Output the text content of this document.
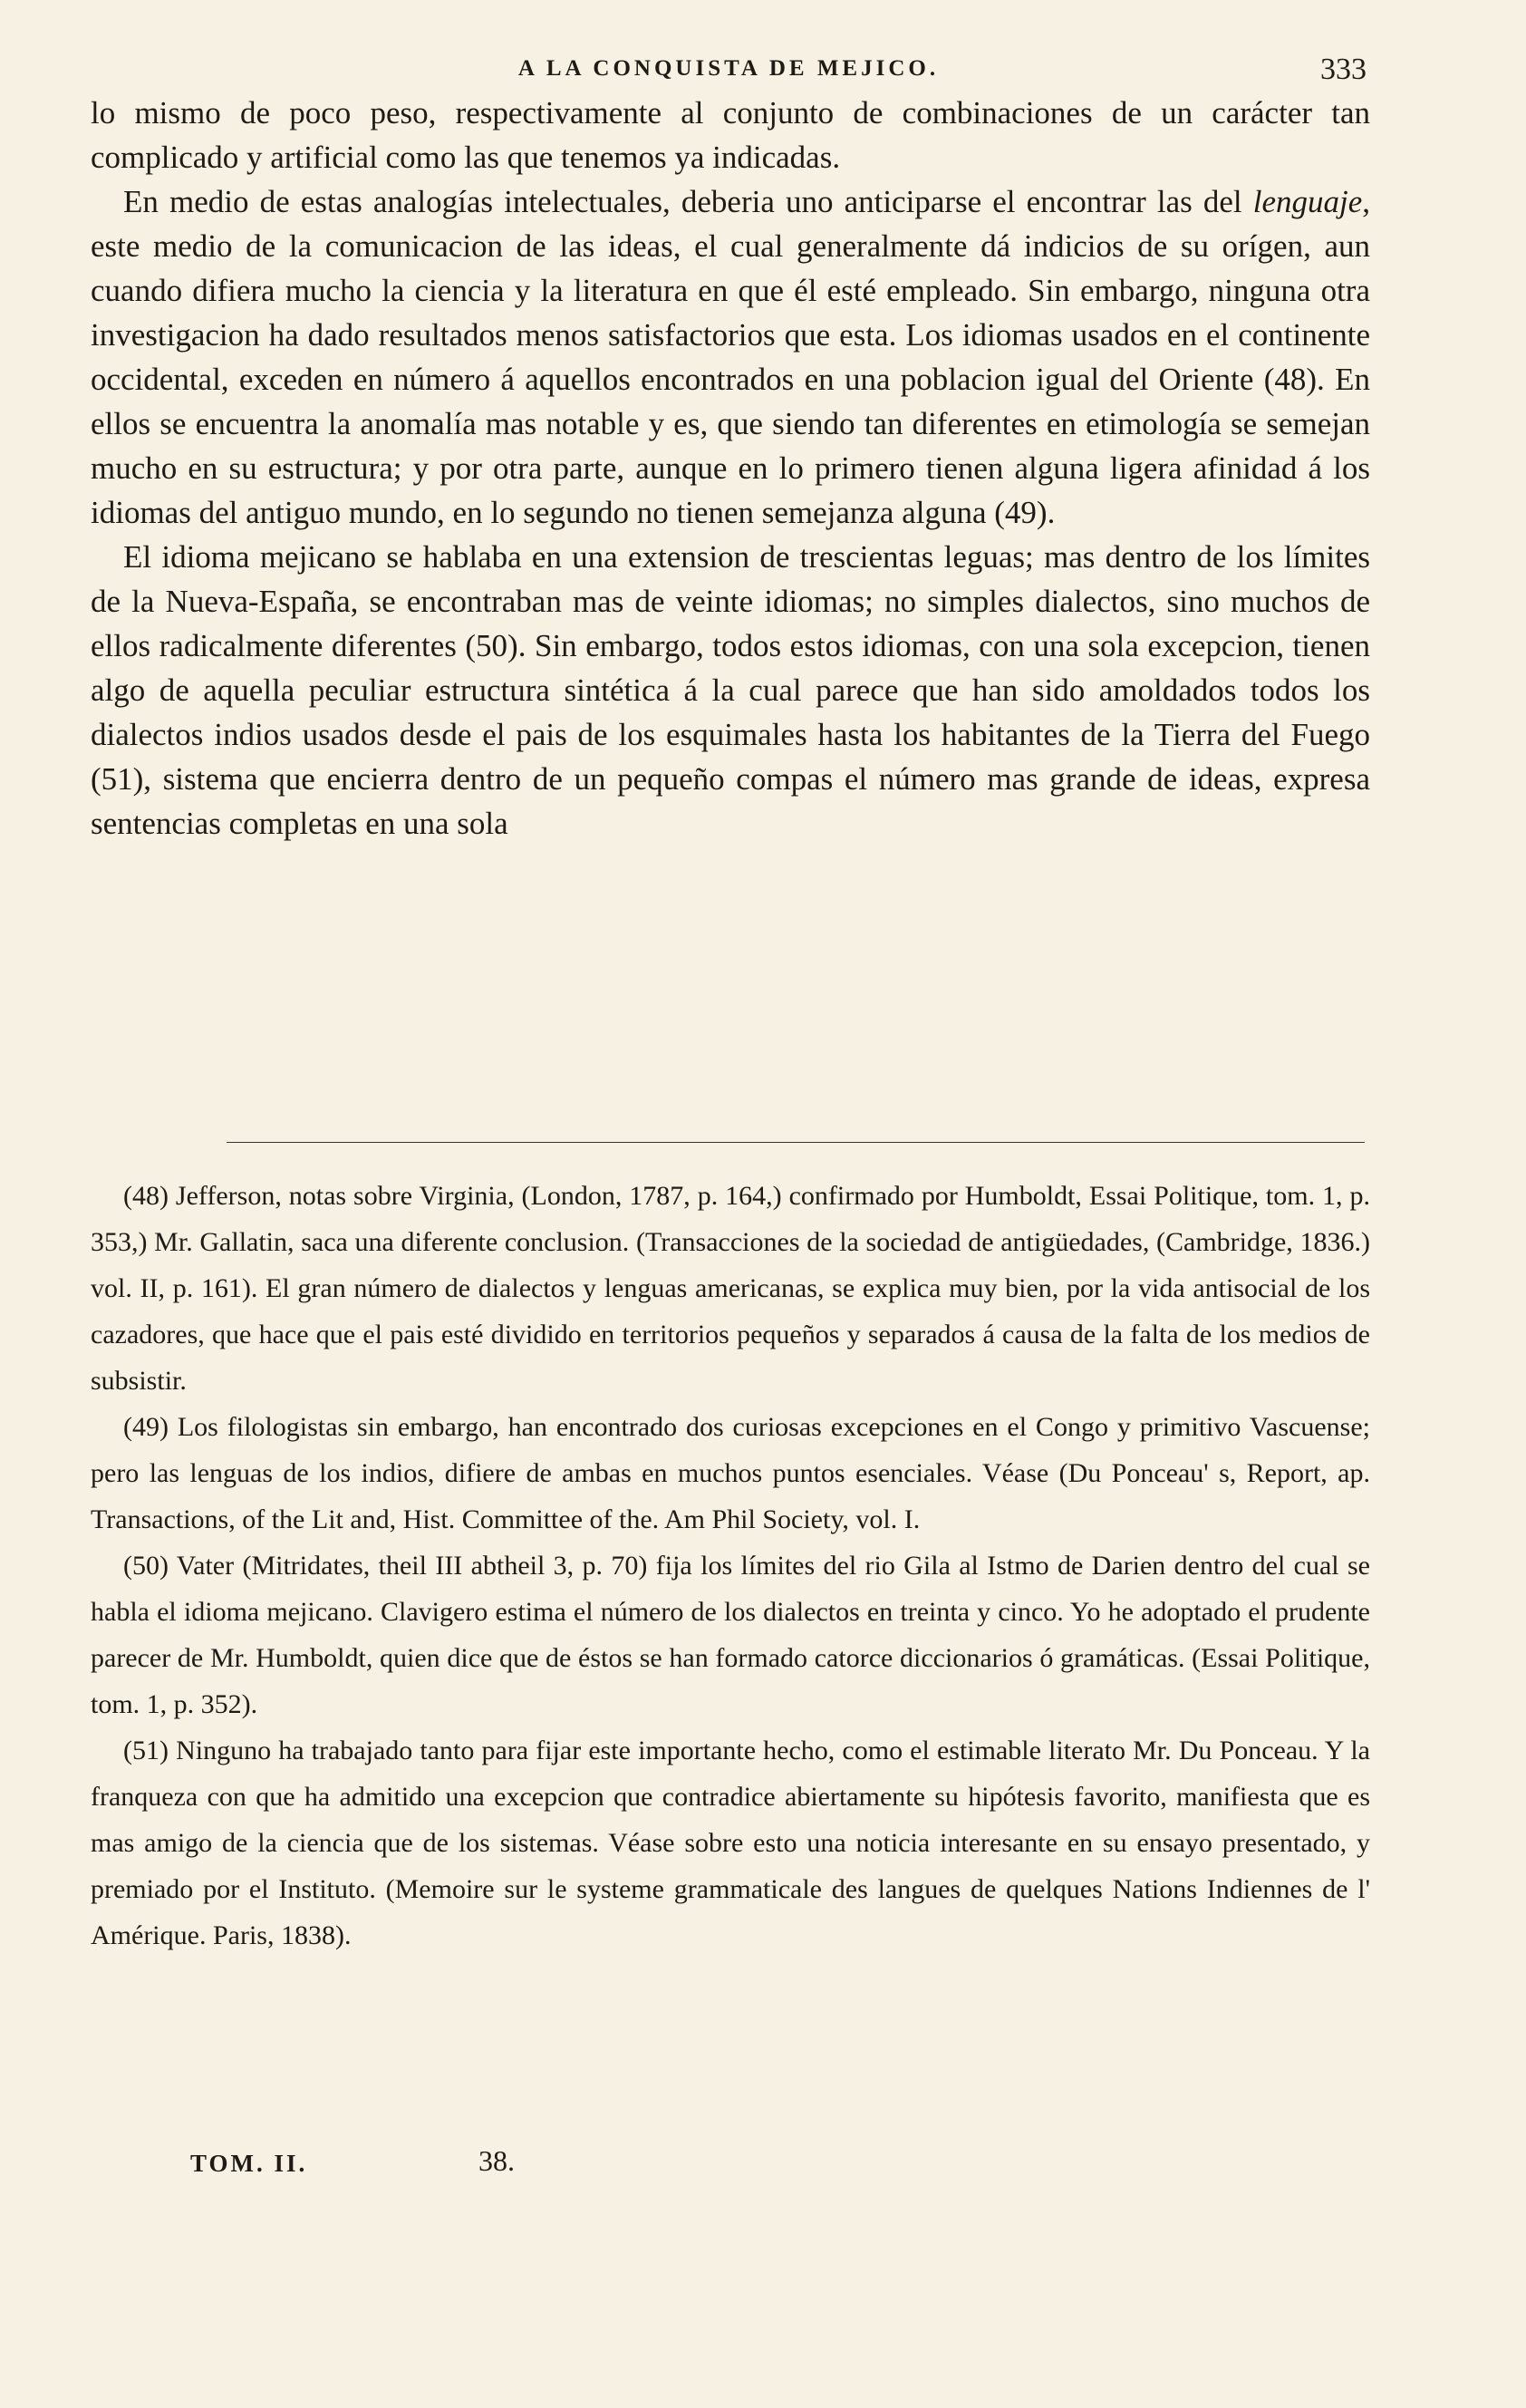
A LA CONQUISTA DE MEJICO.	333

lo mismo de poco peso, respectivamente al conjunto de combinaciones de un carácter tan complicado y artificial como las que tenemos ya indicadas.

En medio de estas analogías intelectuales, deberia uno anticiparse el encontrar las del lenguaje, este medio de la comunicacion de las ideas, el cual generalmente dá indicios de su orígen, aun cuando difiera mucho la ciencia y la literatura en que él esté empleado. Sin embargo, ninguna otra investigacion ha dado resultados menos satisfactorios que esta. Los idiomas usados en el continente occidental, exceden en número á aquellos encontrados en una poblacion igual del Oriente (48). En ellos se encuentra la anomalía mas notable y es, que siendo tan diferentes en etimología se semejan mucho en su estructura; y por otra parte, aunque en lo primero tienen alguna ligera afinidad á los idiomas del antiguo mundo, en lo segundo no tienen semejanza alguna (49).

El idioma mejicano se hablaba en una extension de trescientas leguas; mas dentro de los límites de la Nueva-España, se encontraban mas de veinte idiomas; no simples dialectos, sino muchos de ellos radicalmente diferentes (50). Sin embargo, todos estos idiomas, con una sola excepcion, tienen algo de aquella peculiar estructura sintética á la cual parece que han sido amoldados todos los dialectos indios usados desde el pais de los esquimales hasta los habitantes de la Tierra del Fuego (51), sistema que encierra dentro de un pequeño compas el número mas grande de ideas, expresa sentencias completas en una sola

(48) Jefferson, notas sobre Virginia, (London, 1787, p. 164,) confirmado por Humboldt, Essai Politique, tom. 1, p. 353,) Mr. Gallatin, saca una diferente conclusion. (Transacciones de la sociedad de antigüedades, (Cambridge, 1836.) vol. II, p. 161). El gran número de dialectos y lenguas americanas, se explica muy bien, por la vida antisocial de los cazadores, que hace que el pais esté dividido en territorios pequeños y separados á causa de la falta de los medios de subsistir.

(49) Los filologistas sin embargo, han encontrado dos curiosas excepciones en el Congo y primitivo Vascuense; pero las lenguas de los indios, difiere de ambas en muchos puntos esenciales. Véase (Du Ponceau' s, Report, ap. Transactions, of the Lit and, Hist. Committee of the. Am Phil Society, vol. I.

(50) Vater (Mitridates, theil III abtheil 3, p. 70) fija los límites del rio Gila al Istmo de Darien dentro del cual se habla el idioma mejicano. Clavigero estima el número de los dialectos en treinta y cinco. Yo he adoptado el prudente parecer de Mr. Humboldt, quien dice que de éstos se han formado catorce diccionarios ó gramáticas. (Essai Politique, tom. 1, p. 352).

(51) Ninguno ha trabajado tanto para fijar este importante hecho, como el estimable literato Mr. Du Ponceau. Y la franqueza con que ha admitido una excepcion que contradice abiertamente su hipótesis favorito, manifiesta que es mas amigo de la ciencia que de los sistemas. Véase sobre esto una noticia interesante en su ensayo presentado, y premiado por el Instituto. (Memoire sur le systeme grammaticale des langues de quelques Nations Indiennes de l' Amérique. Paris, 1838).

TOM. II.	38.
